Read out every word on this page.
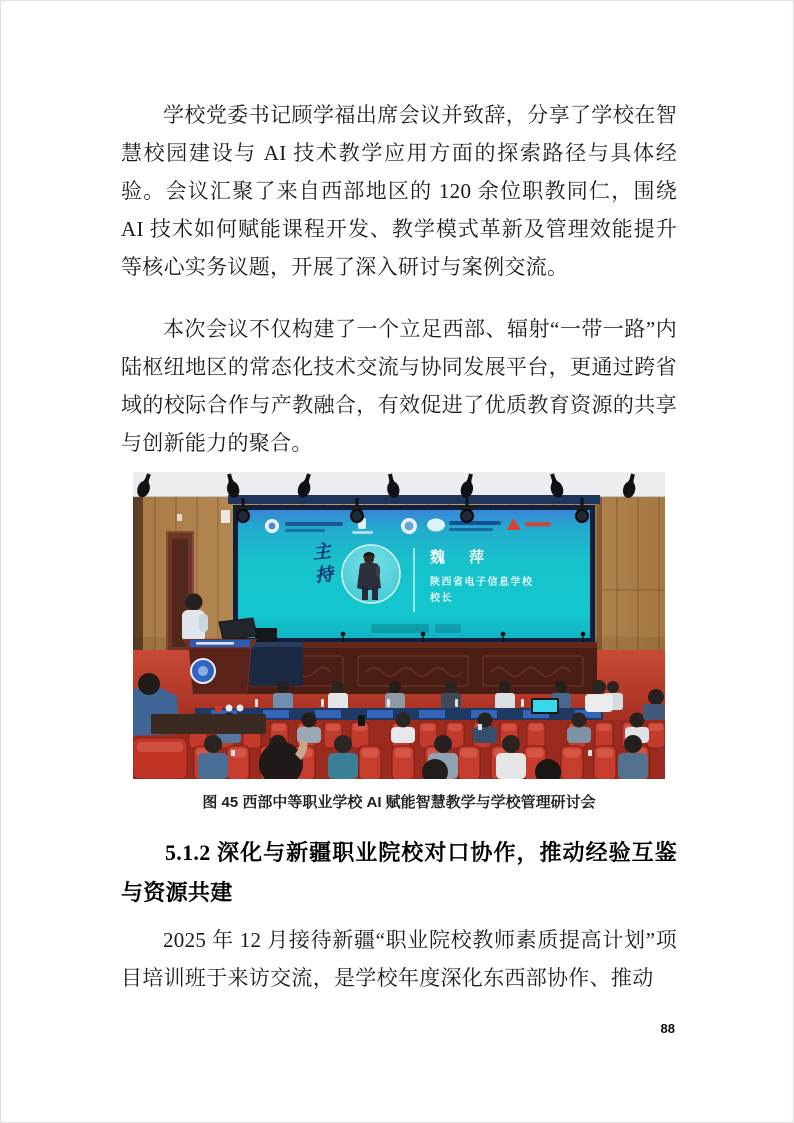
学校党委书记顾学福出席会议并致辞，分享了学校在智慧校园建设与 AI 技术教学应用方面的探索路径与具体经验。会议汇聚了来自西部地区的 120 余位职教同仁，围绕 AI 技术如何赋能课程开发、教学模式革新及管理效能提升等核心实务议题，开展了深入研讨与案例交流。

本次会议不仅构建了一个立足西部、辐射“一带一路”内陆枢纽地区的常态化技术交流与协同发展平台，更通过跨省域的校际合作与产教融合，有效促进了优质教育资源的共享与创新能力的聚合。

主持	魏 萍
陕西省电子信息学校
校长
图 45 西部中等职业学校 AI 赋能智慧教学与学校管理研讨会
5.1.2 深化与新疆职业院校对口协作，推动经验互鉴与资源共建

2025 年 12 月接待新疆“职业院校教师素质提高计划”项目培训班于来访交流，是学校年度深化东西部协作、推动

88
